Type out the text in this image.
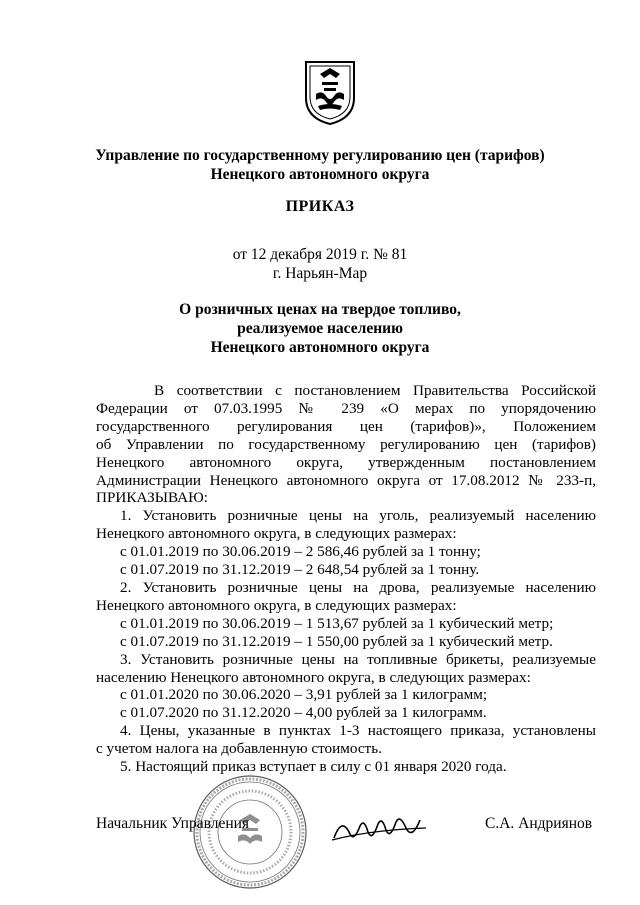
Управление по государственному регулированию цен (тарифов)
Ненецкого автономного округа
ПРИКАЗ
от 12 декабря 2019 г. № 81
г. Нарьян-Мар
О розничных ценах на твердое топливо,
реализуемое населению
Ненецкого автономного округа

В соответствии с постановлением Правительства Российской

Федерации от 07.03.1995 № 239 «О мерах по упорядочению

государственного регулирования цен (тарифов)», Положением

об Управлении по государственному регулированию цен (тарифов)

Ненецкого автономного округа, утвержденным постановлением

Администрации Ненецкого автономного округа от 17.08.2012 № 233-п,

ПРИКАЗЫВАЮ:

1. Установить розничные цены на уголь, реализуемый населению

Ненецкого автономного округа, в следующих размерах:

с 01.01.2019 по 30.06.2019 – 2 586,46 рублей за 1 тонну;

с 01.07.2019 по 31.12.2019 – 2 648,54 рублей за 1 тонну.

2. Установить розничные цены на дрова, реализуемые населению

Ненецкого автономного округа, в следующих размерах:

с 01.01.2019 по 30.06.2019 – 1 513,67 рублей за 1 кубический метр;

с 01.07.2019 по 31.12.2019 – 1 550,00 рублей за 1 кубический метр.

3. Установить розничные цены на топливные брикеты, реализуемые

населению Ненецкого автономного округа, в следующих размерах:

с 01.01.2020 по 30.06.2020 – 3,91 рублей за 1 килограмм;

с 01.07.2020 по 31.12.2020 – 4,00 рублей за 1 килограмм.

4. Цены, указанные в пунктах 1-3 настоящего приказа, установлены

с учетом налога на добавленную стоимость.

5. Настоящий приказ вступает в силу с 01 января 2020 года.

Начальник Управления	С.А. Андриянов
